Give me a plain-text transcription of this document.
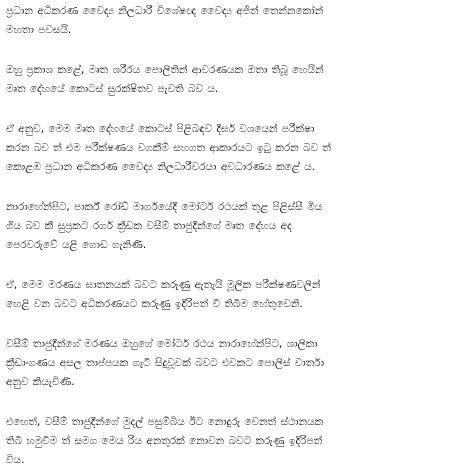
ප්‍රධාන අධිකරණ වෛද්‍ය නිලධාරී විශේෂඥ වෛද්‍ය අජිත් තෙන්නකෝන්
මහතා පවසයි.

ඔහු ප්‍රකාශ කළේ, මෘත ශරීරය පොලිතින් ආවරණයක ඔතා තිබූ හෙයින්
මෘත දේහයේ කොටස් සුරක්ෂිතව පැවති බව ය.

ඒ අනුව, මෙම මෘත දේහයේ කොටස් පිළිබඳව දීර්ඝ වශයෙන් පරීක්ෂා
කරන බව ත් එම පරීක්ෂණය වගකීම් සහගත ආකාරයට ඉටු කරන බව ත්
කොළඹ ප්‍රධාන අධිකරණ වෛද්‍ය නිලධාරීවරයා අවධාරණය කළේ ය.

නාරාහේන්පිට, පාර්ක් රෝඩ් මාර්ගයේදී මෝටර් රථයක් තුළ පිළිස්සී මිය
ගිය බව කී සුප්‍රකට රගර් ක්‍රීඩක වසීම් තාජුදීන්ගේ මෘත දේහය අද
පෙරවරුවේ යළි ගොඩ ගැනිණි.

ඒ, මෙම මරණය ඝාතනයක් බවට කරුණු ඇතැයි මූලික පරීක්ෂණවලින්
හෙළි වන බවට අධිකරණයට කරුණු ඉදිරිපත් වී තිබීම හේතුවෙනි.

වසීම් තාජුදීන්ගේ මරණය ඔහුගේ මෝටර් රථය නාරාහේන්පිට, ශාලිකා
ක්‍රීඩාංගණය අසල තාප්පයක ගැටී සිදුවූවක් බවට එවකට පොලිස් වාර්තා
අනුව කියැවිණි.

එහෙත්, වසීම් තාජුදීන්ගේ මුදල් පසුම්බිය ඊට නොදුරු වෙනත් ස්ථානයක
තිබී හමුවීම ත් සමග මෙය රිය අනතුරක් නොවන බවට කරුණු ඉදිරිපත්
විය.
